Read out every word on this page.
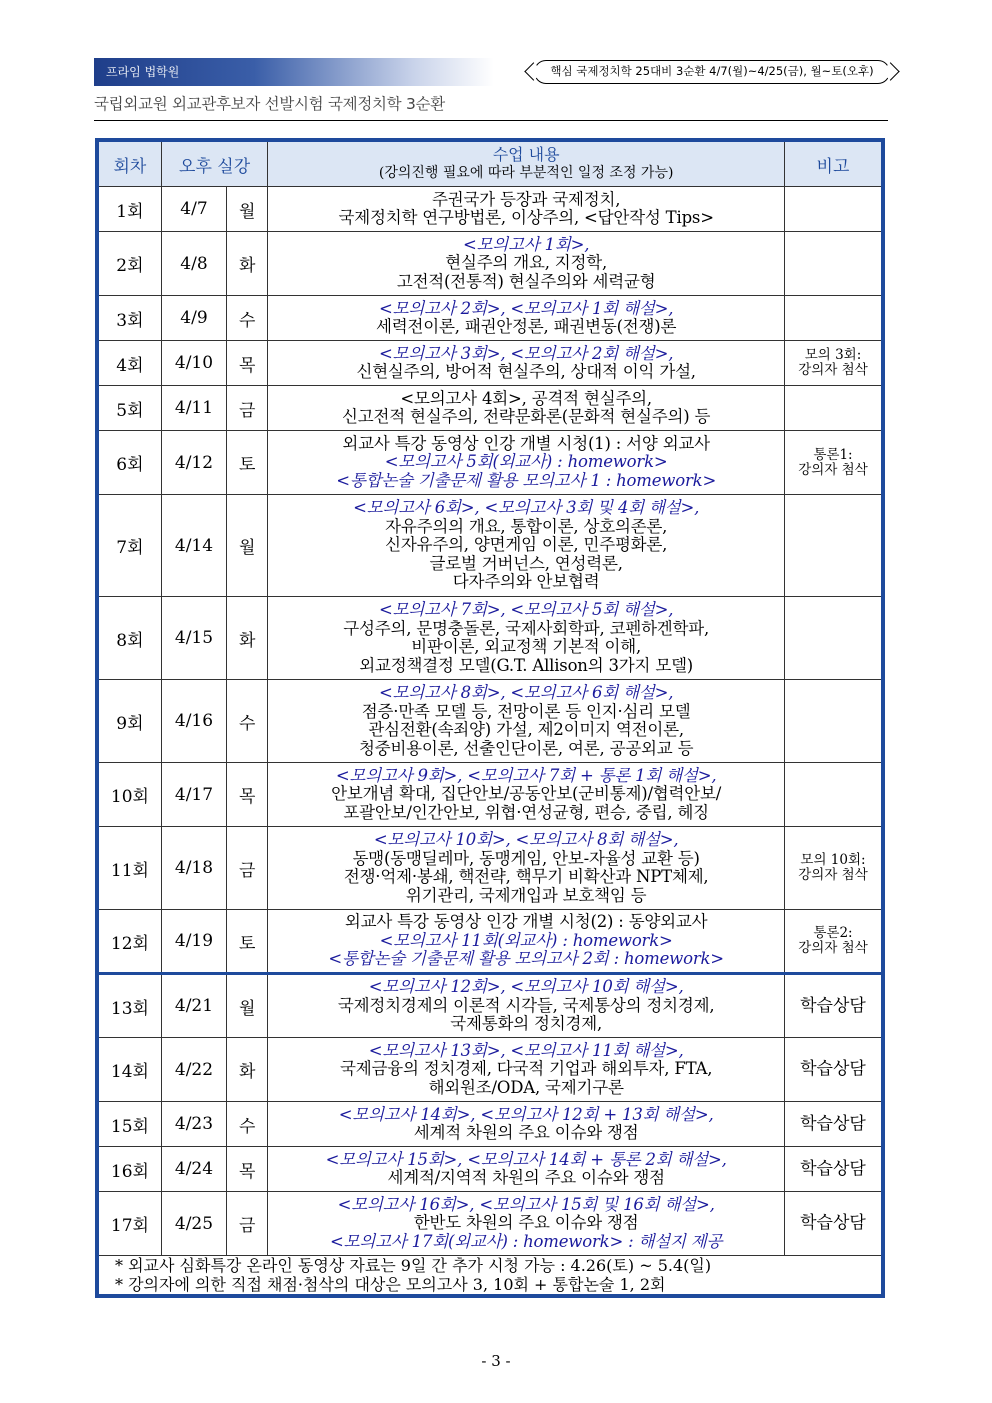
프라임 법학원	핵심 국제정치학 25대비 3순환 4/7(월)~4/25(금), 월~토(오후)
국립외교원 외교관후보자 선발시험 국제정치학 3순환
회차	오후 실강		수업 내용
(강의진행 필요에 따라 부분적인 일정 조정 가능)	비고
1회	4/7	월	주권국가 등장과 국제정치,
국제정치학 연구방법론, 이상주의, <답안작성 Tips>	

2회	4/8	화	<모의고사 1회>,
현실주의 개요, 지정학,
고전적(전통적) 현실주의와 세력균형	

3회	4/9	수	<모의고사 2회>, <모의고사 1회 해설>,
세력전이론, 패권안정론, 패권변동(전쟁)론	

4회	4/10	목	<모의고사 3회>, <모의고사 2회 해설>,
신현실주의, 방어적 현실주의, 상대적 이익 가설,	모의 3회:
강의자 첨삭

5회	4/11	금	<모의고사 4회>, 공격적 현실주의,
신고전적 현실주의, 전략문화론(문화적 현실주의) 등	

6회	4/12	토	외교사 특강 동영상 인강 개별 시청(1) : 서양 외교사
<모의고사 5회(외교사) : homework>
<통합논술 기출문제 활용 모의고사 1 : homework>	통론1:
강의자 첨삭

7회	4/14	월	<모의고사 6회>, <모의고사 3회 및 4회 해설>,
자유주의의 개요, 통합이론, 상호의존론,
신자유주의, 양면게임 이론, 민주평화론,
글로벌 거버넌스, 연성력론,
다자주의와 안보협력	

8회	4/15	화	<모의고사 7회>, <모의고사 5회 해설>,
구성주의, 문명충돌론, 국제사회학파, 코펜하겐학파,
비판이론, 외교정책 기본적 이해,
외교정책결정 모델(G.T. Allison의 3가지 모델)	

9회	4/16	수	<모의고사 8회>, <모의고사 6회 해설>,
점증·만족 모델 등, 전망이론 등 인지·심리 모델
관심전환(속죄양) 가설, 제2이미지 역전이론,
청중비용이론, 선출인단이론, 여론, 공공외교 등	

10회	4/17	목	<모의고사 9회>, <모의고사 7회 + 통론 1회 해설>,
안보개념 확대, 집단안보/공동안보(군비통제)/협력안보/
포괄안보/인간안보, 위협·연성균형, 편승, 중립, 헤징	

11회	4/18	금	<모의고사 10회>, <모의고사 8회 해설>,
동맹(동맹딜레마, 동맹게임, 안보-자율성 교환 등)
전쟁·억제·봉쇄, 핵전략, 핵무기 비확산과 NPT체제,
위기관리, 국제개입과 보호책임 등	모의 10회:
강의자 첨삭

12회	4/19	토	외교사 특강 동영상 인강 개별 시청(2) : 동양외교사
<모의고사 11회(외교사) : homework>
<통합논술 기출문제 활용 모의고사 2회 : homework>	통론2:
강의자 첨삭

13회	4/21	월	<모의고사 12회>, <모의고사 10회 해설>,
국제정치경제의 이론적 시각들, 국제통상의 정치경제,
국제통화의 정치경제,	학습상담

14회	4/22	화	<모의고사 13회>, <모의고사 11회 해설>,
국제금융의 정치경제, 다국적 기업과 해외투자, FTA,
해외원조/ODA, 국제기구론	학습상담

15회	4/23	수	<모의고사 14회>, <모의고사 12회 + 13회 해설>,
세계적 차원의 주요 이슈와 쟁점	학습상담

16회	4/24	목	<모의고사 15회>, <모의고사 14회 + 통론 2회 해설>,
세계적/지역적 차원의 주요 이슈와 쟁점	학습상담

17회	4/25	금	<모의고사 16회>, <모의고사 15회 및 16회 해설>,
한반도 차원의 주요 이슈와 쟁점
<모의고사 17회(외교사) : homework> : 해설지 제공	학습상담

* 외교사 심화특강 온라인 동영상 자료는 9일 간 추가 시청 가능 : 4.26(토) ~ 5.4(일)
* 강의자에 의한 직접 채점·첨삭의 대상은 모의고사 3, 10회 + 통합논술 1, 2회				
- 3 -
